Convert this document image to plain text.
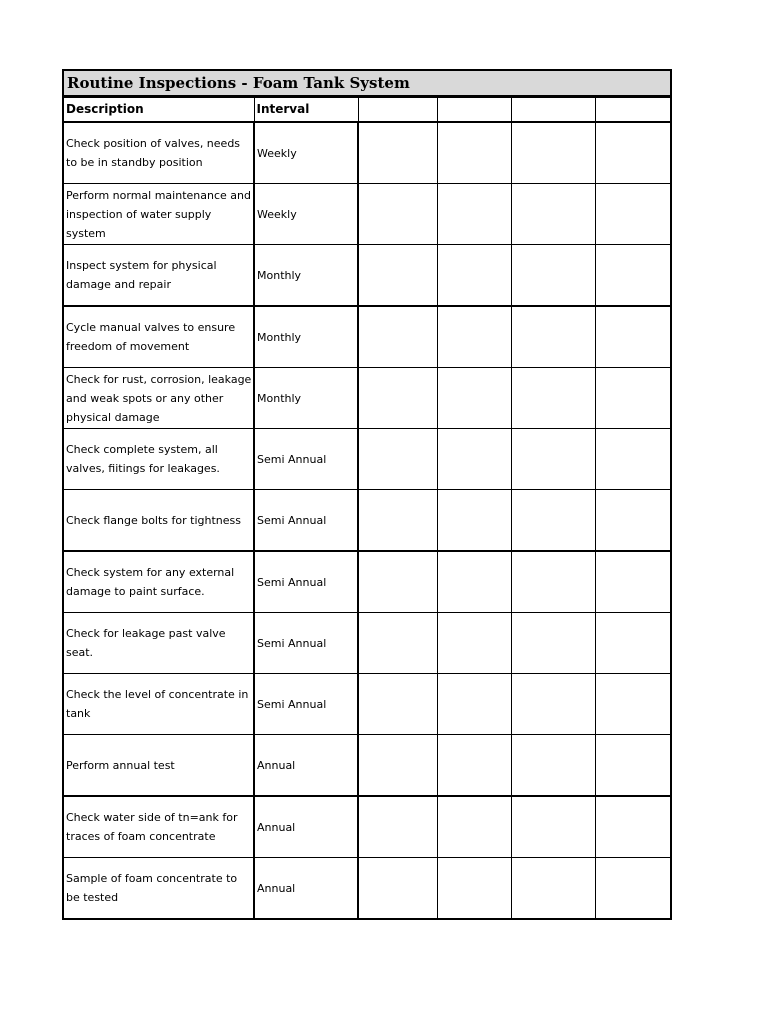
Routine Inspections - Foam Tank System
Description	Interval				
Check position of valves, needs to be in standby position	Weekly				
Perform normal maintenance and inspection of water supply system	Weekly				
Inspect system for physical damage and repair	Monthly				
Cycle manual valves to ensure freedom of movement	Monthly				
Check for rust, corrosion, leakage and weak spots or any other physical damage	Monthly				
Check complete system, all valves, fiitings for leakages.	Semi Annual				
Check flange bolts for tightness	Semi Annual				
Check system for any external damage to paint surface.	Semi Annual				
Check for leakage past valve seat.	Semi Annual				
Check the level of concentrate in tank	Semi Annual				
Perform annual test	Annual				
Check water side of tn=ank for traces of foam concentrate	Annual				
Sample of foam concentrate to be tested	Annual				
